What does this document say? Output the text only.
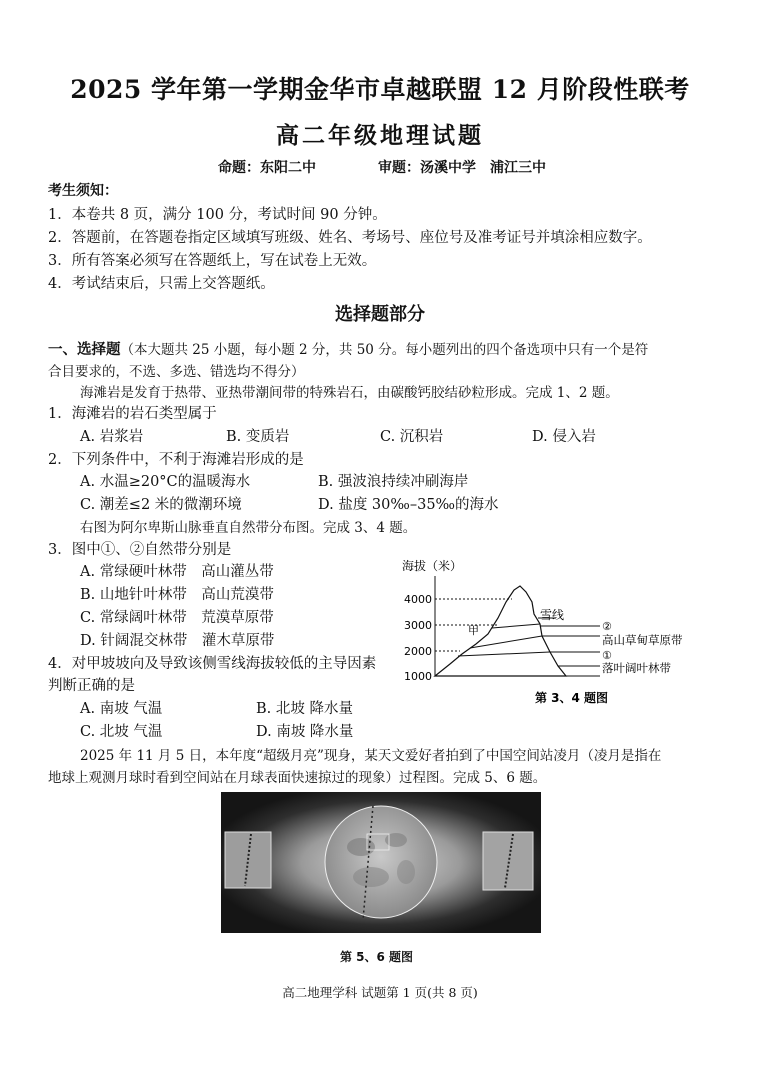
2025 学年第一学期金华市卓越联盟 12 月阶段性联考
高二年级地理试题
命题：东阳二中	审题：汤溪中学　浦江三中
考生须知：
1．本卷共 8 页，满分 100 分，考试时间 90 分钟。
2．答题前，在答题卷指定区域填写班级、姓名、考场号、座位号及准考证号并填涂相应数字。
3．所有答案必须写在答题纸上，写在试卷上无效。
4．考试结束后，只需上交答题纸。
选择题部分
一、选择题（本大题共 25 小题，每小题 2 分，共 50 分。每小题列出的四个备选项中只有一个是符
合目要求的，不选、多选、错选均不得分）
海滩岩是发育于热带、亚热带潮间带的特殊岩石，由碳酸钙胶结砂粒形成。完成 1、2 题。
1．海滩岩的岩石类型属于
A. 岩浆岩	B. 变质岩	C. 沉积岩	D. 侵入岩
2．下列条件中，不利于海滩岩形成的是
A. 水温≥20°C的温暖海水	B. 强波浪持续冲刷海岸
C. 潮差≤2 米的微潮环境	D. 盐度 30‰–35‰的海水
右图为阿尔卑斯山脉垂直自然带分布图。完成 3、4 题。
3．图中①、②自然带分别是
A. 常绿硬叶林带　高山灌丛带
B. 山地针叶林带　高山荒漠带
C. 常绿阔叶林带　荒漠草原带
D. 针阔混交林带　灌木草原带
4．对甲坡坡向及导致该侧雪线海拔较低的主导因素
判断正确的是
A. 南坡 气温	B. 北坡 降水量
C. 北坡 气温	D. 南坡 降水量
海拔（米）
4000
3000
2000
1000
雪线
甲	②
高山草甸草原带
①
落叶阔叶林带
第 3、4 题图
2025 年 11 月 5 日，本年度“超级月亮”现身，某天文爱好者拍到了中国空间站凌月（凌月是指在
地球上观测月球时看到空间站在月球表面快速掠过的现象）过程图。完成 5、6 题。
第 5、6 题图
高二地理学科 试题第 1 页(共 8 页)
